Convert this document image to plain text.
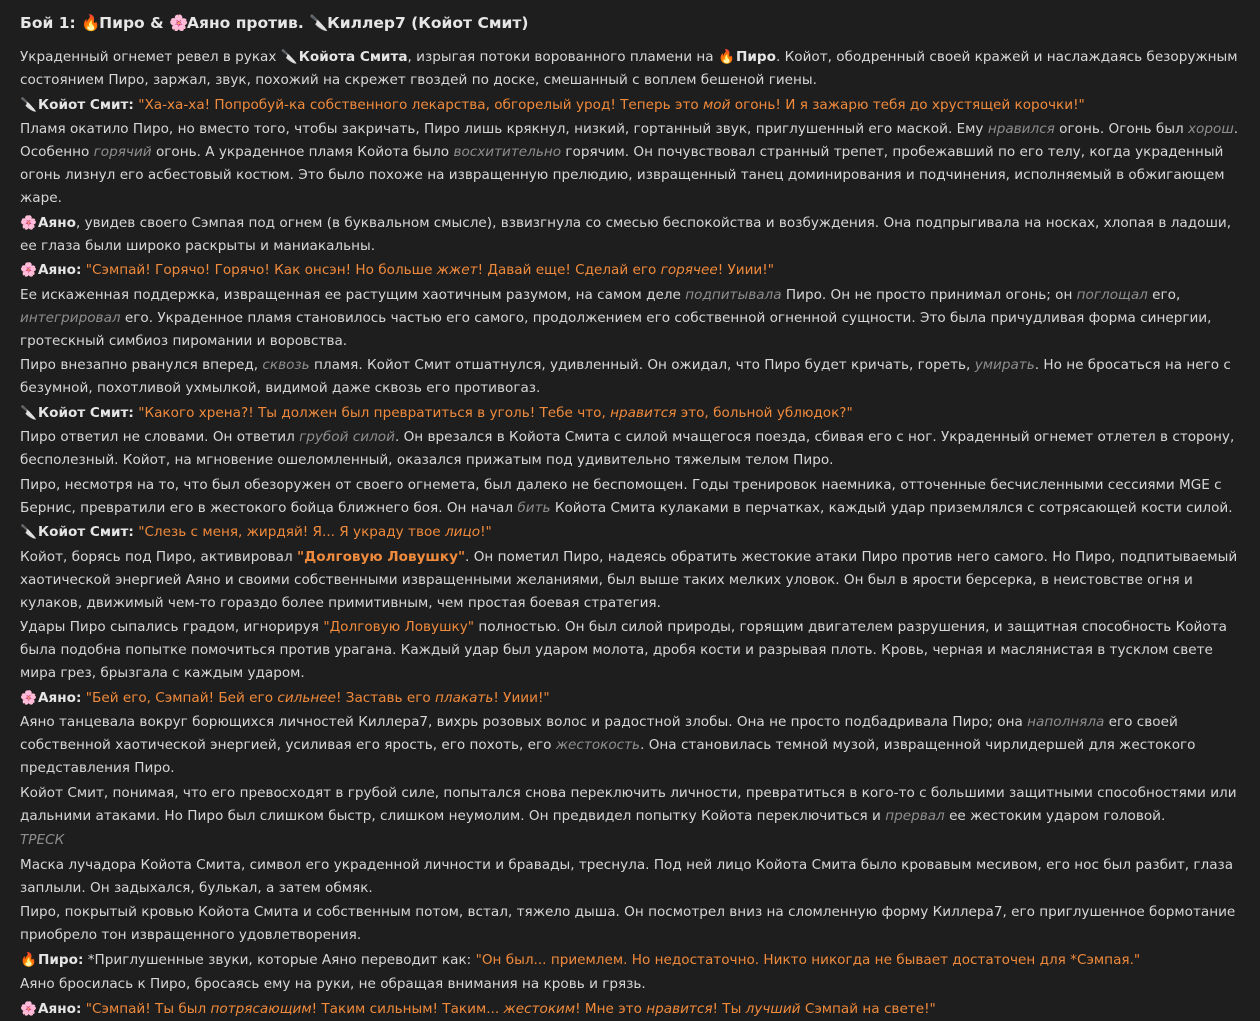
Бой 1: 🔥Пиро & 🌸Аяно против. 🔪Киллер7 (Койот Смит)
Украденный огнемет ревел в руках 🔪Койота Смита, изрыгая потоки ворованного пламени на 🔥Пиро. Койот, ободренный своей кражей и наслаждаясь безоружным состоянием Пиро, заржал, звук, похожий на скрежет гвоздей по доске, смешанный с воплем бешеной гиены.
🔪Койот Смит: "Ха-ха-ха! Попробуй-ка собственного лекарства, обгорелый урод! Теперь это мой огонь! И я зажарю тебя до хрустящей корочки!"
Пламя окатило Пиро, но вместо того, чтобы закричать, Пиро лишь крякнул, низкий, гортанный звук, приглушенный его маской. Ему нравился огонь. Огонь был хорош. Особенно горячий огонь. А украденное пламя Койота было восхитительно горячим. Он почувствовал странный трепет, пробежавший по его телу, когда украденный огонь лизнул его асбестовый костюм. Это было похоже на извращенную прелюдию, извращенный танец доминирования и подчинения, исполняемый в обжигающем жаре.
🌸Аяно, увидев своего Сэмпая под огнем (в буквальном смысле), взвизгнула со смесью беспокойства и возбуждения. Она подпрыгивала на носках, хлопая в ладоши, ее глаза были широко раскрыты и маниакальны.
🌸Аяно: "Сэмпай! Горячо! Горячо! Как онсэн! Но больше жжет! Давай еще! Сделай его горячее! Уиии!"
Ее искаженная поддержка, извращенная ее растущим хаотичным разумом, на самом деле подпитывала Пиро. Он не просто принимал огонь; он поглощал его, интегрировал его. Украденное пламя становилось частью его самого, продолжением его собственной огненной сущности. Это была причудливая форма синергии, гротескный симбиоз пиромании и воровства.
Пиро внезапно рванулся вперед, сквозь пламя. Койот Смит отшатнулся, удивленный. Он ожидал, что Пиро будет кричать, гореть, умирать. Но не бросаться на него с безумной, похотливой ухмылкой, видимой даже сквозь его противогаз.
🔪Койот Смит: "Какого хрена?! Ты должен был превратиться в уголь! Тебе что, нравится это, больной ублюдок?"
Пиро ответил не словами. Он ответил грубой силой. Он врезался в Койота Смита с силой мчащегося поезда, сбивая его с ног. Украденный огнемет отлетел в сторону, бесполезный. Койот, на мгновение ошеломленный, оказался прижатым под удивительно тяжелым телом Пиро.
Пиро, несмотря на то, что был обезоружен от своего огнемета, был далеко не беспомощен. Годы тренировок наемника, отточенные бесчисленными сессиями MGE с Бернис, превратили его в жестокого бойца ближнего боя. Он начал бить Койота Смита кулаками в перчатках, каждый удар приземлялся с сотрясающей кости силой.
🔪Койот Смит: "Слезь с меня, жирдяй! Я... Я украду твое лицо!"
Койот, борясь под Пиро, активировал "Долговую Ловушку". Он пометил Пиро, надеясь обратить жестокие атаки Пиро против него самого. Но Пиро, подпитываемый хаотической энергией Аяно и своими собственными извращенными желаниями, был выше таких мелких уловок. Он был в ярости берсерка, в неистовстве огня и кулаков, движимый чем-то гораздо более примитивным, чем простая боевая стратегия.
Удары Пиро сыпались градом, игнорируя "Долговую Ловушку" полностью. Он был силой природы, горящим двигателем разрушения, и защитная способность Койота была подобна попытке помочиться против урагана. Каждый удар был ударом молота, дробя кости и разрывая плоть. Кровь, черная и маслянистая в тусклом свете мира грез, брызгала с каждым ударом.
🌸Аяно: "Бей его, Сэмпай! Бей его сильнее! Заставь его плакать! Уиии!"
Аяно танцевала вокруг борющихся личностей Киллера7, вихрь розовых волос и радостной злобы. Она не просто подбадривала Пиро; она наполняла его своей собственной хаотической энергией, усиливая его ярость, его похоть, его жестокость. Она становилась темной музой, извращенной чирлидершей для жестокого представления Пиро.
Койот Смит, понимая, что его превосходят в грубой силе, попытался снова переключить личности, превратиться в кого-то с большими защитными способностями или дальними атаками. Но Пиро был слишком быстр, слишком неумолим. Он предвидел попытку Койота переключиться и прервал ее жестоким ударом головой.
ТРЕСК
Маска лучадора Койота Смита, символ его украденной личности и бравады, треснула. Под ней лицо Койота Смита было кровавым месивом, его нос был разбит, глаза заплыли. Он задыхался, булькал, а затем обмяк.
Пиро, покрытый кровью Койота Смита и собственным потом, встал, тяжело дыша. Он посмотрел вниз на сломленную форму Киллера7, его приглушенное бормотание приобрело тон извращенного удовлетворения.
🔥Пиро: *Приглушенные звуки, которые Аяно переводит как: "Он был... приемлем. Но недостаточно. Никто никогда не бывает достаточен для *Сэмпая."
Аяно бросилась к Пиро, бросаясь ему на руки, не обращая внимания на кровь и грязь.
🌸Аяно: "Сэмпай! Ты был потрясающим! Таким сильным! Таким... жестоким! Мне это нравится! Ты лучший Сэмпай на свете!"
